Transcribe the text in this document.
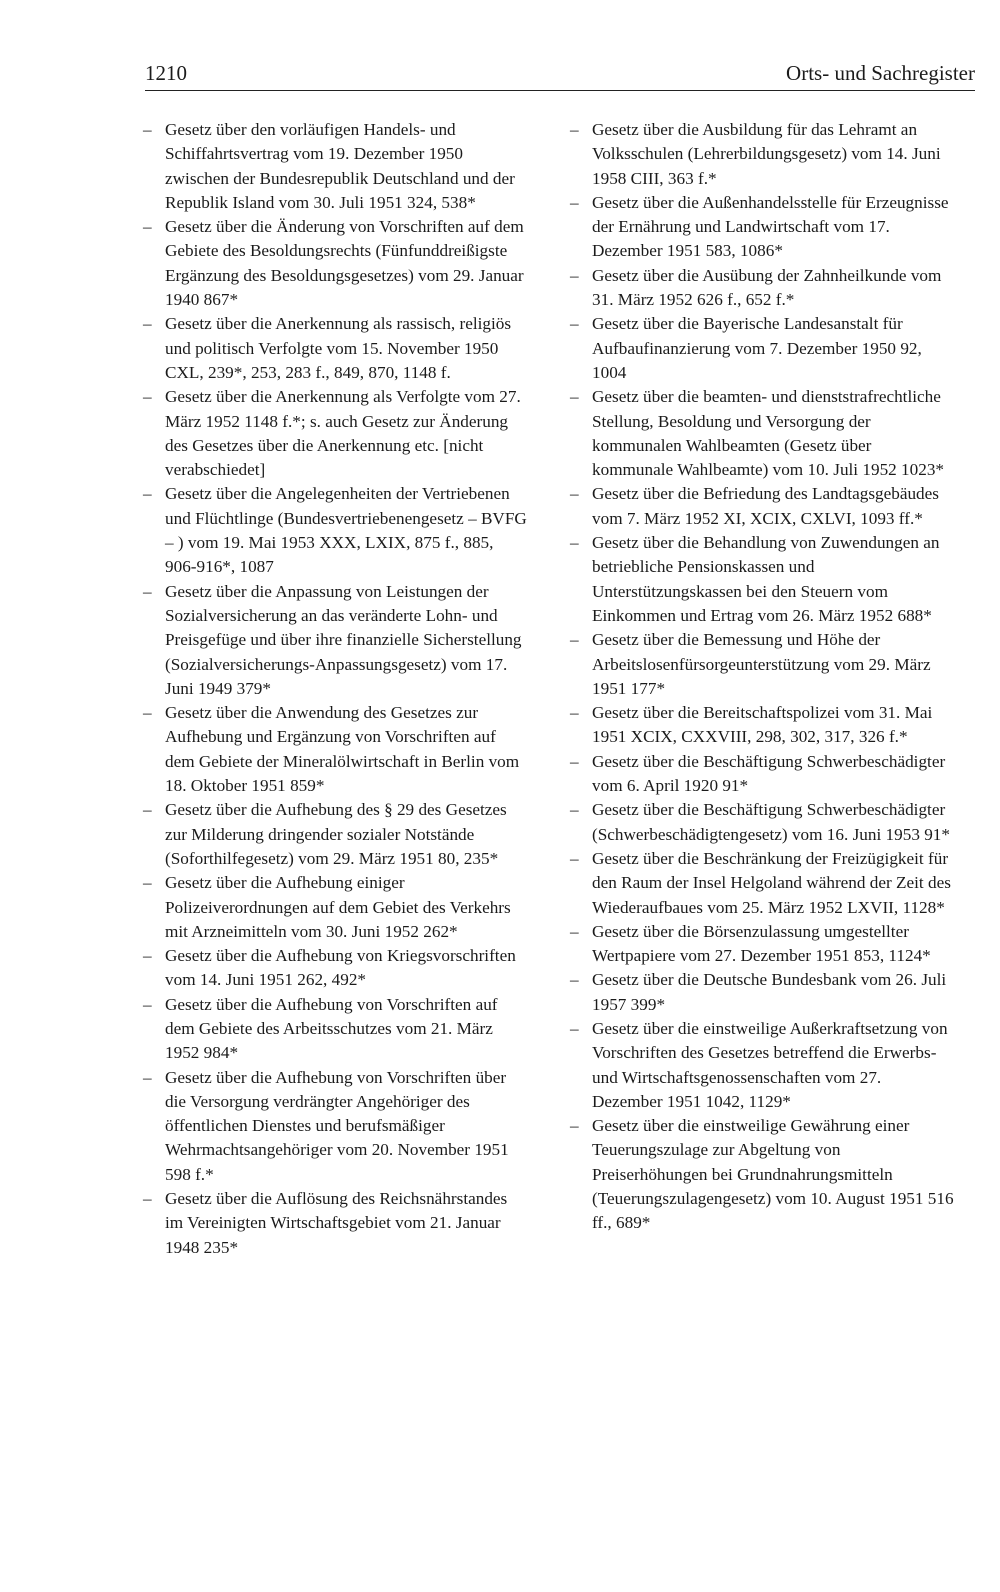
1210	Orts- und Sachregister

– Gesetz über den vorläufigen Handels- und Schiffahrtsvertrag vom 19. Dezember 1950 zwischen der Bundesrepublik Deutschland und der Republik Island vom 30. Juli 1951 324, 538*

– Gesetz über die Änderung von Vorschriften auf dem Gebiete des Besoldungsrechts (Fünfunddreißigste Ergänzung des Besoldungsgesetzes) vom 29. Januar 1940 867*

– Gesetz über die Anerkennung als rassisch, religiös und politisch Verfolgte vom 15. November 1950 CXL, 239*, 253, 283 f., 849, 870, 1148 f.

– Gesetz über die Anerkennung als Verfolgte vom 27. März 1952 1148 f.*; s. auch Gesetz zur Änderung des Gesetzes über die Anerkennung etc. [nicht verabschiedet]

– Gesetz über die Angelegenheiten der Vertriebenen und Flüchtlinge (Bundesvertriebenengesetz – BVFG – ) vom 19. Mai 1953 XXX, LXIX, 875 f., 885, 906-916*, 1087

– Gesetz über die Anpassung von Leistungen der Sozialversicherung an das veränderte Lohn- und Preisgefüge und über ihre finanzielle Sicherstellung (Sozialversicherungs-Anpassungsgesetz) vom 17. Juni 1949 379*

– Gesetz über die Anwendung des Gesetzes zur Aufhebung und Ergänzung von Vorschriften auf dem Gebiete der Mineralölwirtschaft in Berlin vom 18. Oktober 1951 859*

– Gesetz über die Aufhebung des § 29 des Gesetzes zur Milderung dringender sozialer Notstände (Soforthilfegesetz) vom 29. März 1951 80, 235*

– Gesetz über die Aufhebung einiger Polizeiverordnungen auf dem Gebiet des Verkehrs mit Arzneimitteln vom 30. Juni 1952 262*

– Gesetz über die Aufhebung von Kriegsvorschriften vom 14. Juni 1951 262, 492*

– Gesetz über die Aufhebung von Vorschriften auf dem Gebiete des Arbeitsschutzes vom 21. März 1952 984*

– Gesetz über die Aufhebung von Vorschriften über die Versorgung verdrängter Angehöriger des öffentlichen Dienstes und berufsmäßiger Wehrmachtsangehöriger vom 20. November 1951 598 f.*

– Gesetz über die Auflösung des Reichsnährstandes im Vereinigten Wirtschaftsgebiet vom 21. Januar 1948 235*

– Gesetz über die Ausbildung für das Lehramt an Volksschulen (Lehrerbildungsgesetz) vom 14. Juni 1958 CIII, 363 f.*

– Gesetz über die Außenhandelsstelle für Erzeugnisse der Ernährung und Landwirtschaft vom 17. Dezember 1951 583, 1086*

– Gesetz über die Ausübung der Zahnheilkunde vom 31. März 1952 626 f., 652 f.*

– Gesetz über die Bayerische Landesanstalt für Aufbaufinanzierung vom 7. Dezember 1950 92, 1004

– Gesetz über die beamten- und dienststrafrechtliche Stellung, Besoldung und Versorgung der kommunalen Wahlbeamten (Gesetz über kommunale Wahlbeamte) vom 10. Juli 1952 1023*

– Gesetz über die Befriedung des Landtagsgebäudes vom 7. März 1952 XI, XCIX, CXLVI, 1093 ff.*

– Gesetz über die Behandlung von Zuwendungen an betriebliche Pensionskassen und Unterstützungskassen bei den Steuern vom Einkommen und Ertrag vom 26. März 1952 688*

– Gesetz über die Bemessung und Höhe der Arbeitslosenfürsorgeunterstützung vom 29. März 1951 177*

– Gesetz über die Bereitschaftspolizei vom 31. Mai 1951 XCIX, CXXVIII, 298, 302, 317, 326 f.*

– Gesetz über die Beschäftigung Schwerbeschädigter vom 6. April 1920 91*

– Gesetz über die Beschäftigung Schwerbeschädigter (Schwerbeschädigtengesetz) vom 16. Juni 1953 91*

– Gesetz über die Beschränkung der Freizügigkeit für den Raum der Insel Helgoland während der Zeit des Wiederaufbaues vom 25. März 1952 LXVII, 1128*

– Gesetz über die Börsenzulassung umgestellter Wertpapiere vom 27. Dezember 1951 853, 1124*

– Gesetz über die Deutsche Bundesbank vom 26. Juli 1957 399*

– Gesetz über die einstweilige Außerkraftsetzung von Vorschriften des Gesetzes betreffend die Erwerbs- und Wirtschaftsgenossenschaften vom 27. Dezember 1951 1042, 1129*

– Gesetz über die einstweilige Gewährung einer Teuerungszulage zur Abgeltung von Preiserhöhungen bei Grundnahrungsmitteln (Teuerungszulagengesetz) vom 10. August 1951 516 ff., 689*
